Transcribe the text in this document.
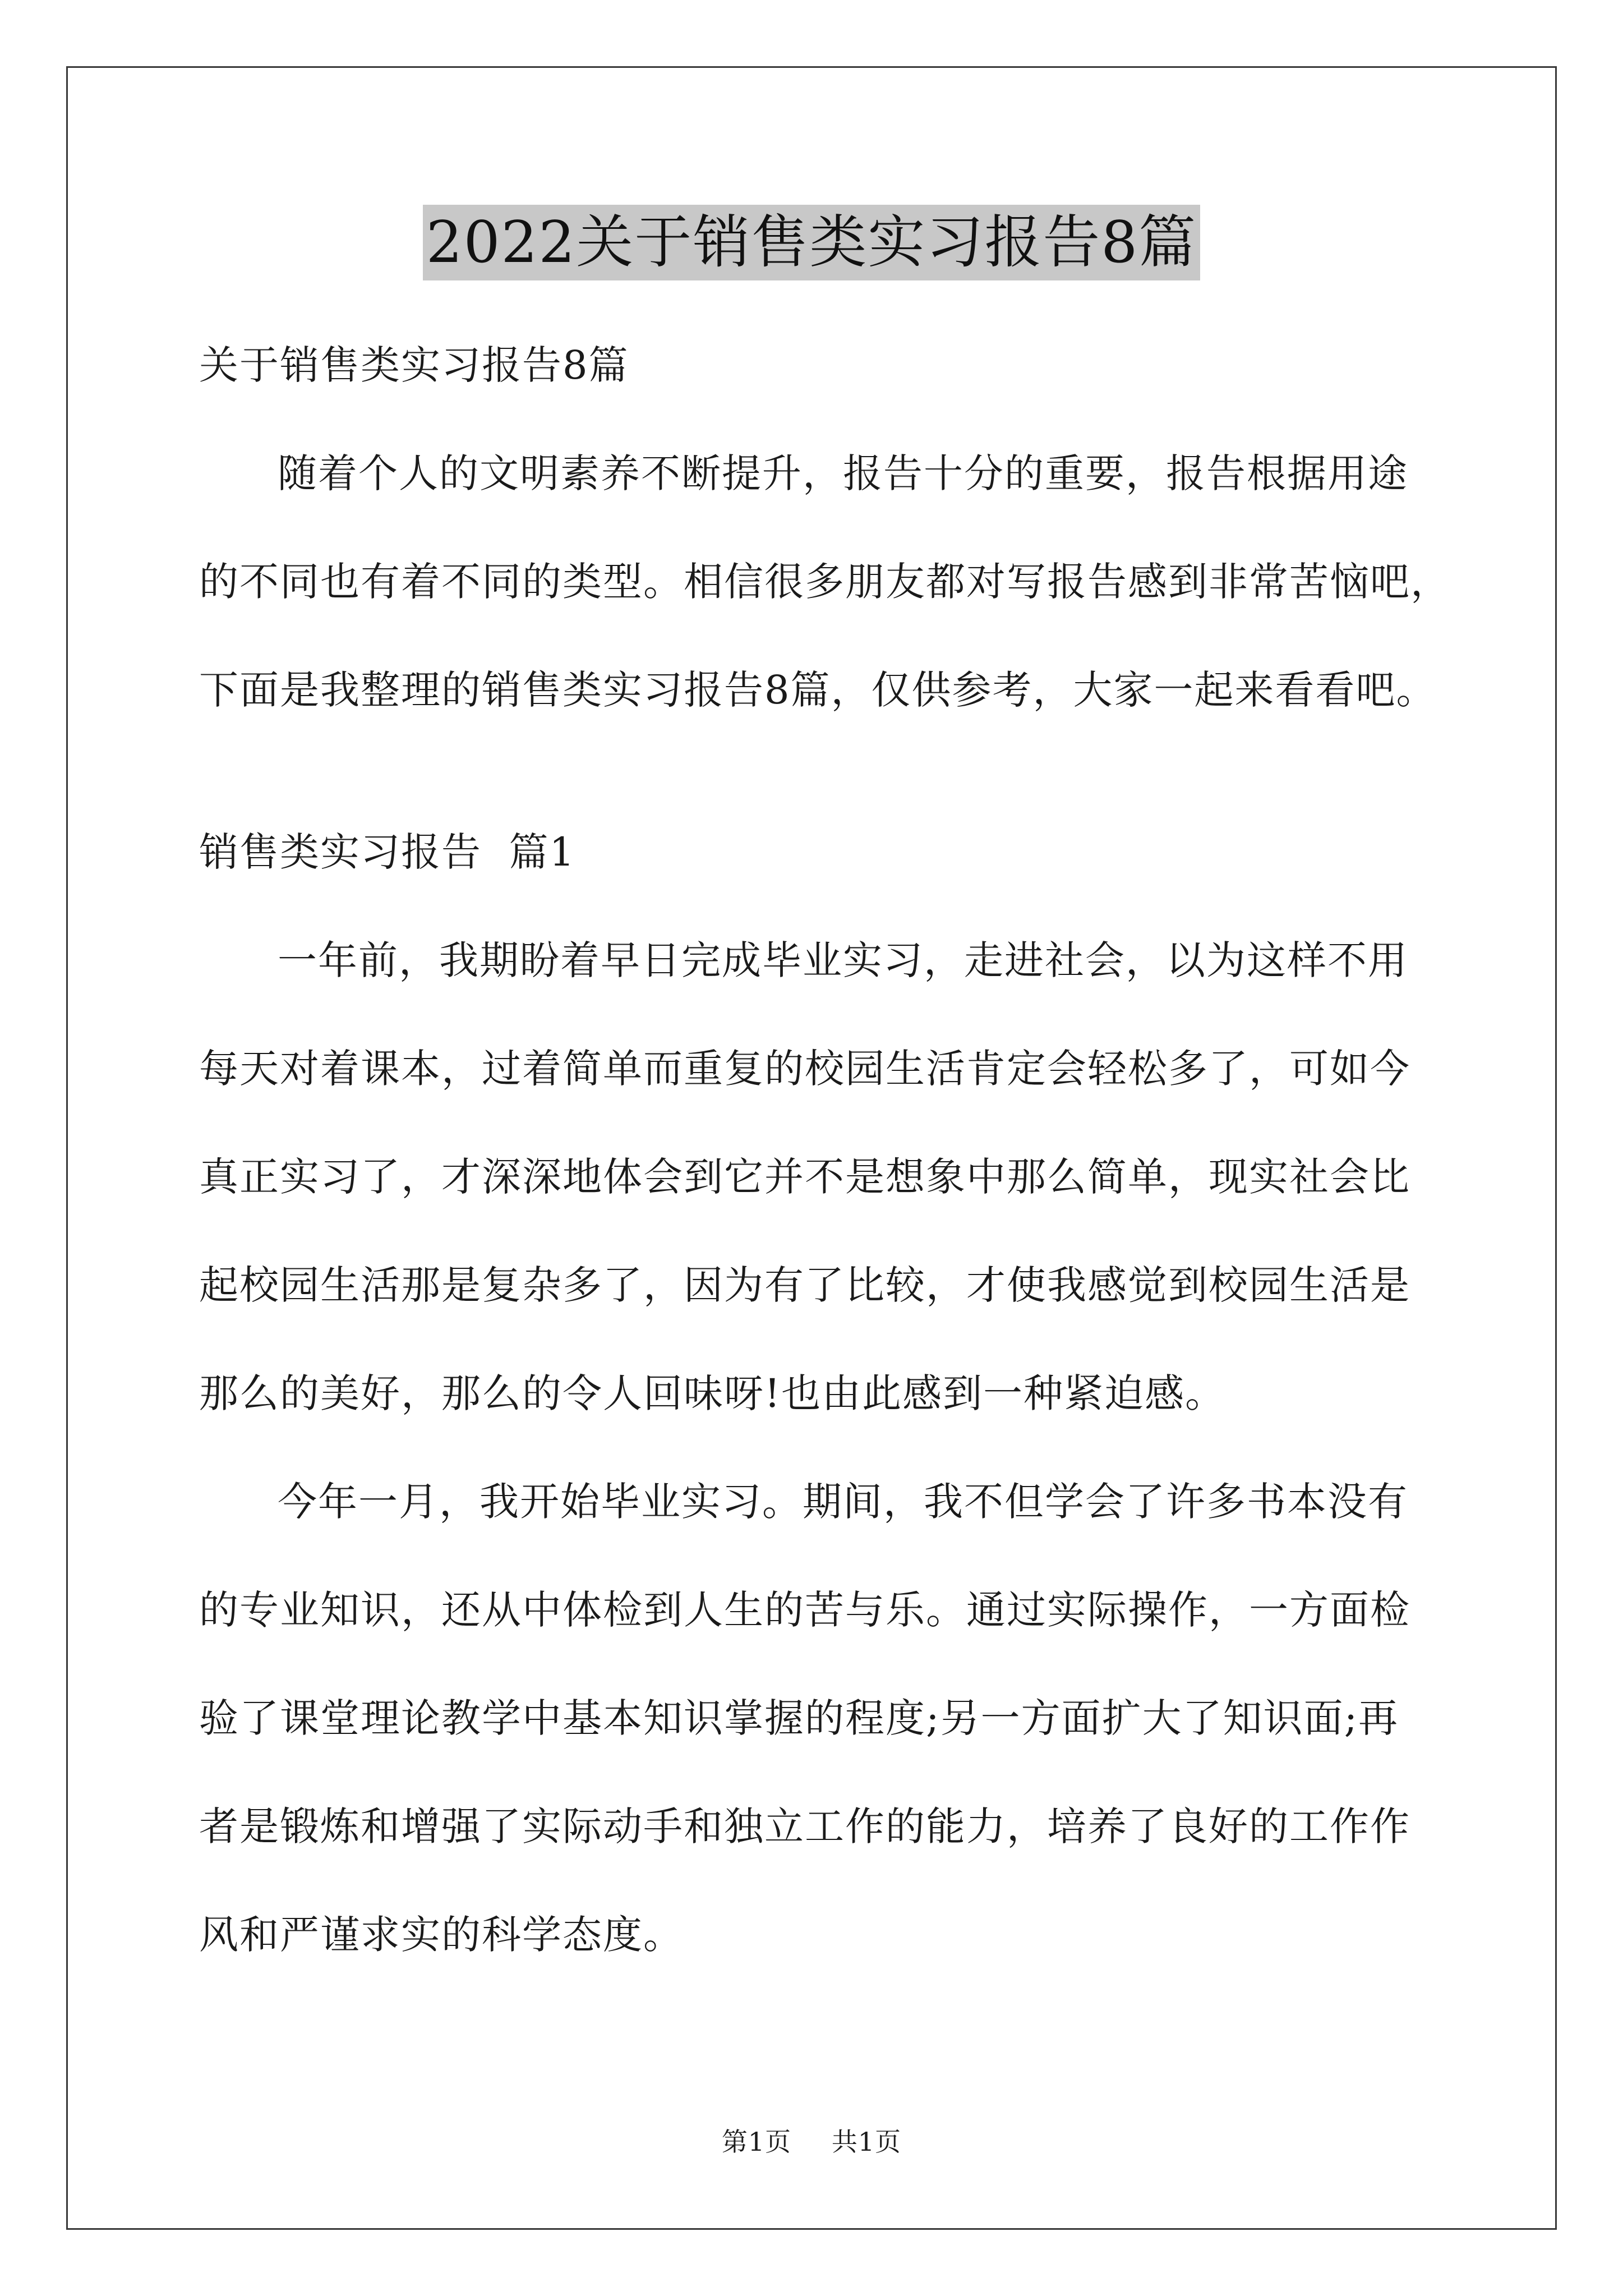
2022关于销售类实习报告8篇

关于销售类实习报告8篇

随着个人的文明素养不断提升，报告十分的重要，报告根据用途
的不同也有着不同的类型。相信很多朋友都对写报告感到非常苦恼吧，
下面是我整理的销售类实习报告8篇，仅供参考，大家一起来看看吧。

销售类实习报告  篇1

一年前，我期盼着早日完成毕业实习，走进社会，以为这样不用
每天对着课本，过着简单而重复的校园生活肯定会轻松多了，可如今
真正实习了，才深深地体会到它并不是想象中那么简单，现实社会比
起校园生活那是复杂多了，因为有了比较，才使我感觉到校园生活是
那么的美好，那么的令人回味呀!也由此感到一种紧迫感。
今年一月，我开始毕业实习。期间，我不但学会了许多书本没有
的专业知识，还从中体检到人生的苦与乐。通过实际操作，一方面检
验了课堂理论教学中基本知识掌握的程度;另一方面扩大了知识面;再
者是锻炼和增强了实际动手和独立工作的能力，培养了良好的工作作
风和严谨求实的科学态度。
第1页 共1页
